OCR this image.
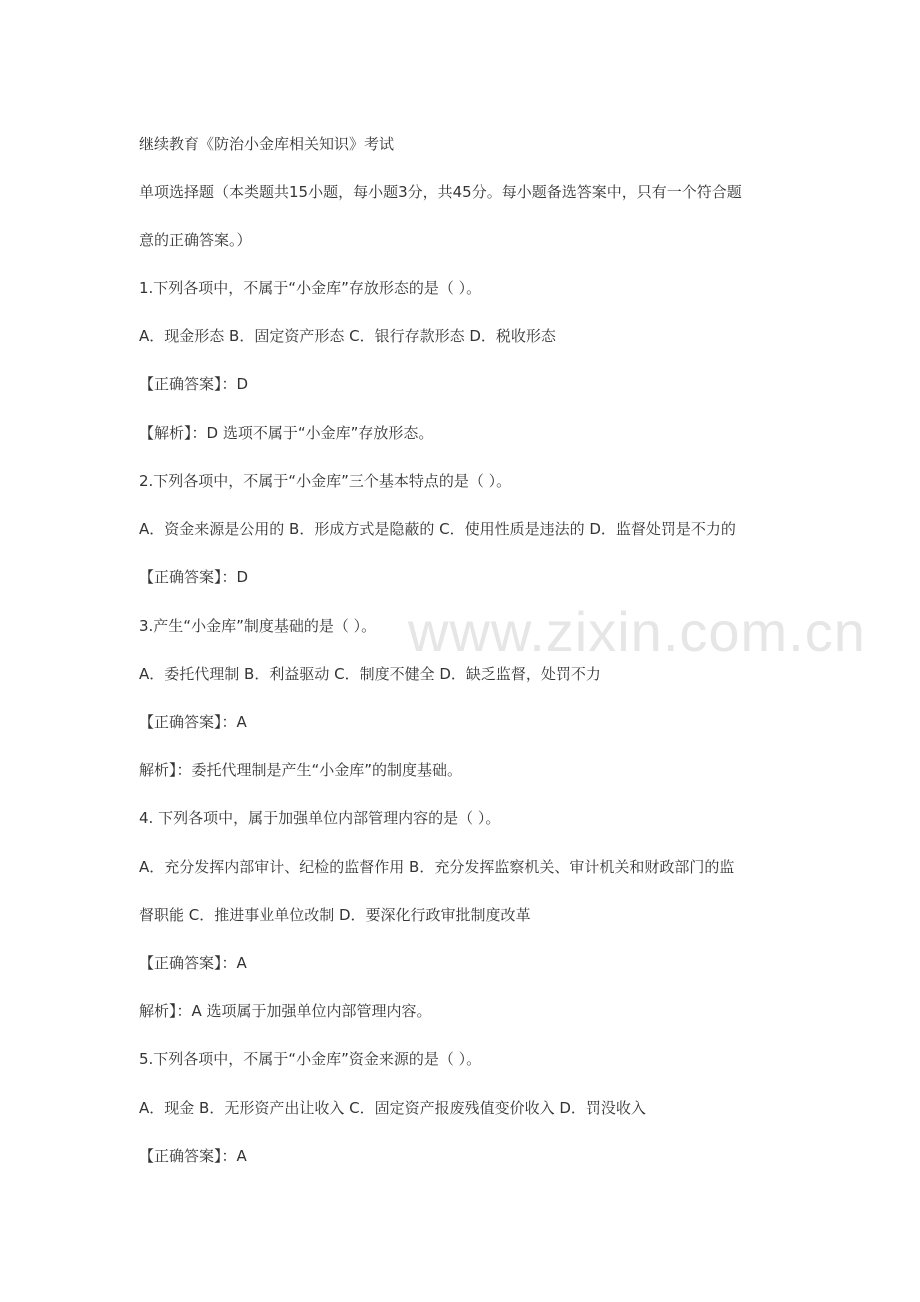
www.zixin.com.cn

继续教育《防治小金库相关知识》考试

单项选择题（本类题共15小题，每小题3分，共45分。每小题备选答案中，只有一个符合题

意的正确答案。）

1.下列各项中，不属于“小金库”存放形态的是（ ）。

A．现金形态 B．固定资产形态 C．银行存款形态 D．税收形态

【正确答案】：D

【解析】：D 选项不属于“小金库”存放形态。

2.下列各项中，不属于“小金库”三个基本特点的是（ ）。

A．资金来源是公用的 B．形成方式是隐蔽的 C．使用性质是违法的 D．监督处罚是不力的

【正确答案】：D

3.产生“小金库”制度基础的是（ ）。

A．委托代理制 B．利益驱动 C．制度不健全 D．缺乏监督，处罚不力

【正确答案】：A

解析】：委托代理制是产生“小金库”的制度基础。

4. 下列各项中，属于加强单位内部管理内容的是（ ）。

A．充分发挥内部审计、纪检的监督作用 B．充分发挥监察机关、审计机关和财政部门的监

督职能 C．推进事业单位改制 D．要深化行政审批制度改革

【正确答案】：A

解析】：A 选项属于加强单位内部管理内容。

5.下列各项中，不属于“小金库”资金来源的是（ ）。

A．现金 B．无形资产出让收入 C．固定资产报废残值变价收入 D．罚没收入

【正确答案】：A
